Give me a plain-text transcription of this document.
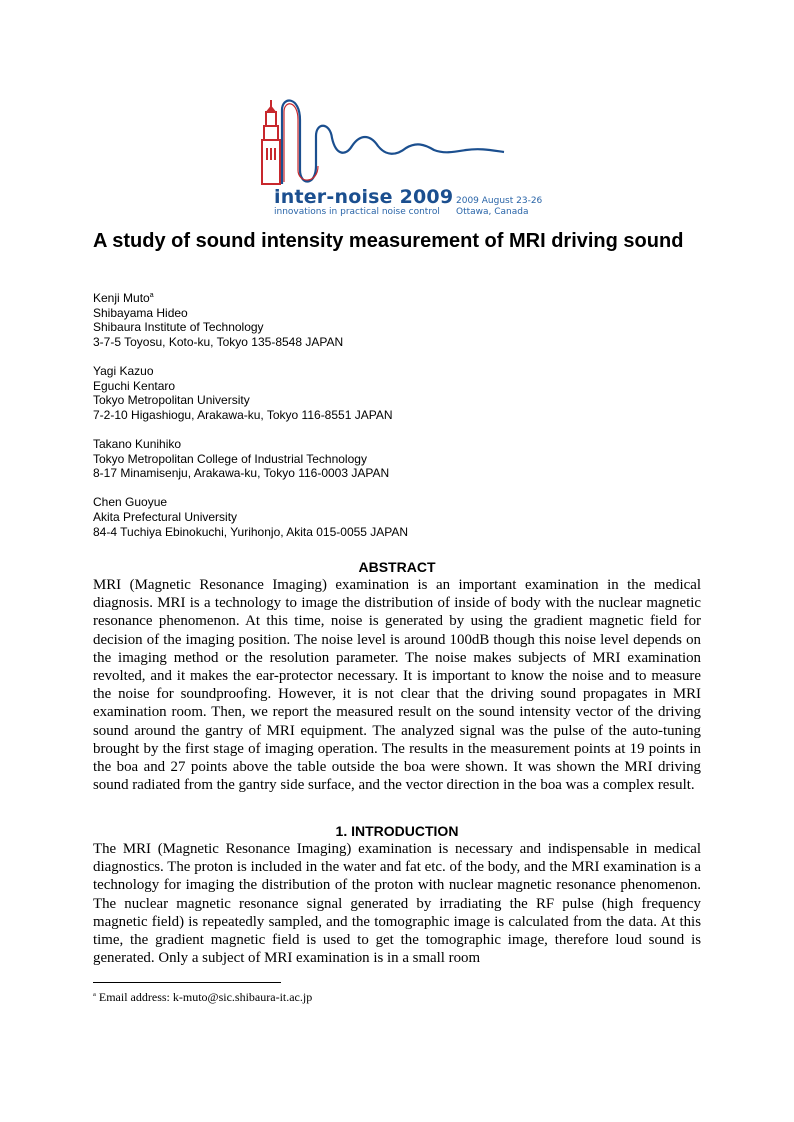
inter-noise 2009
innovations in practical noise control
2009 August 23-26
Ottawa, Canada
A study of sound intensity measurement of MRI driving sound
Kenji Muto$^a$
Shibayama Hideo
Shibaura Institute of Technology
3-7-5 Toyosu, Koto-ku, Tokyo 135-8548 JAPAN
Yagi Kazuo
Eguchi Kentaro
Tokyo Metropolitan University
7-2-10 Higashiogu, Arakawa-ku, Tokyo 116-8551 JAPAN
Takano Kunihiko
Tokyo Metropolitan College of Industrial Technology
8-17 Minamisenju, Arakawa-ku, Tokyo 116-0003 JAPAN
Chen Guoyue
Akita Prefectural University
84-4 Tuchiya Ebinokuchi, Yurihonjo, Akita 015-0055 JAPAN
ABSTRACT

MRI (Magnetic Resonance Imaging) examination is an important examination in the medical diagnosis. MRI is a technology to image the distribution of inside of body with the nuclear magnetic resonance phenomenon. At this time, noise is generated by using the gradient magnetic field for decision of the imaging position. The noise level is around 100dB though this noise level depends on the imaging method or the resolution parameter. The noise makes subjects of MRI examination revolted, and it makes the ear-protector necessary. It is important to know the noise and to measure the noise for soundproofing. However, it is not clear that the driving sound propagates in MRI examination room. Then, we report the measured result on the sound intensity vector of the driving sound around the gantry of MRI equipment. The analyzed signal was the pulse of the auto-tuning brought by the first stage of imaging operation. The results in the measurement points at 19 points in the boa and 27 points above the table outside the boa were shown. It was shown the MRI driving sound radiated from the gantry side surface, and the vector direction in the boa was a complex result.

1. INTRODUCTION

The MRI (Magnetic Resonance Imaging) examination is necessary and indispensable in medical diagnostics. The proton is included in the water and fat etc. of the body, and the MRI examination is a technology for imaging the distribution of the proton with nuclear magnetic resonance phenomenon. The nuclear magnetic resonance signal generated by irradiating the RF pulse (high frequency magnetic field) is repeatedly sampled, and the tomographic image is calculated from the data. At this time, the gradient magnetic field is used to get the tomographic image, therefore loud sound is generated. Only a subject of MRI examination is in a small room

$^a$ Email address: k-muto@sic.shibaura-it.ac.jp
